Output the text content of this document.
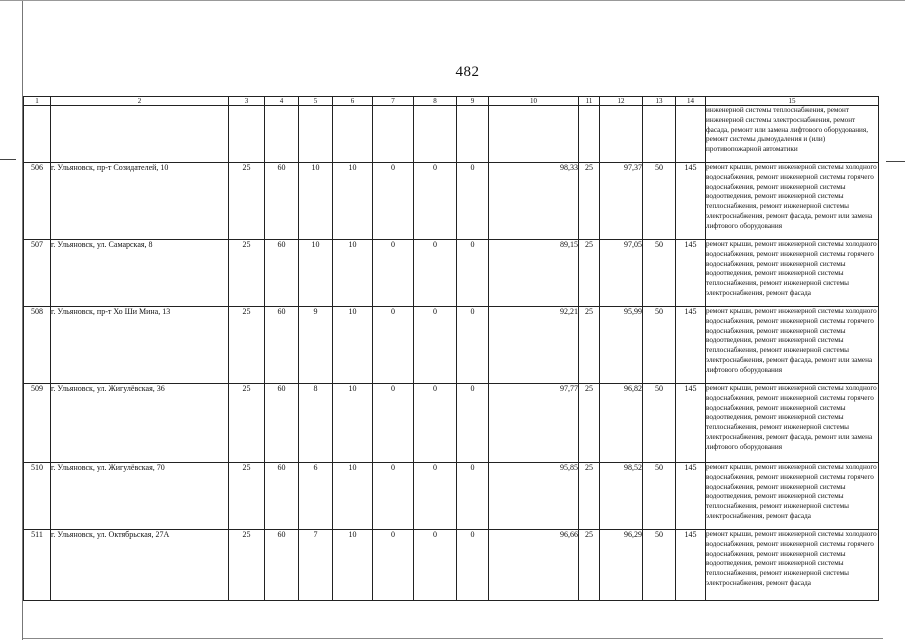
482
1	2	3	4	5	6	7	8	9	10	11	12	13	14	15
														инженерной системы теплоснабжения, ремонт инженерной системы электроснабжения, ремонт фасада, ремонт или замена лифтового оборудования, ремонт системы дымоудаления и (или) противопожарной автоматики
506	г. Ульяновск, пр-т Созидателей, 10	25	60	10	10	0	0	0	98,33	25	97,37	50	145	ремонт крыши, ремонт инженерной системы холодного водоснабжения, ремонт инженерной системы горячего водоснабжения, ремонт инженерной системы водоотведения, ремонт инженерной системы теплоснабжения, ремонт инженерной системы электроснабжения, ремонт фасада, ремонт или замена лифтового оборудования
507	г. Ульяновск, ул. Самарская, 8	25	60	10	10	0	0	0	89,15	25	97,05	50	145	ремонт крыши, ремонт инженерной системы холодного водоснабжения, ремонт инженерной системы горячего водоснабжения, ремонт инженерной системы водоотведения, ремонт инженерной системы теплоснабжения, ремонт инженерной системы электроснабжения, ремонт фасада
508	г. Ульяновск, пр-т Хо Ши Мина, 13	25	60	9	10	0	0	0	92,21	25	95,99	50	145	ремонт крыши, ремонт инженерной системы холодного водоснабжения, ремонт инженерной системы горячего водоснабжения, ремонт инженерной системы водоотведения, ремонт инженерной системы теплоснабжения, ремонт инженерной системы электроснабжения, ремонт фасада, ремонт или замена лифтового оборудования
509	г. Ульяновск, ул. Жигулёвская, 36	25	60	8	10	0	0	0	97,77	25	96,82	50	145	ремонт крыши, ремонт инженерной системы холодного водоснабжения, ремонт инженерной системы горячего водоснабжения, ремонт инженерной системы водоотведения, ремонт инженерной системы теплоснабжения, ремонт инженерной системы электроснабжения, ремонт фасада, ремонт или замена лифтового оборудования
510	г. Ульяновск, ул. Жигулёвская, 70	25	60	6	10	0	0	0	95,85	25	98,52	50	145	ремонт крыши, ремонт инженерной системы холодного водоснабжения, ремонт инженерной системы горячего водоснабжения, ремонт инженерной системы водоотведения, ремонт инженерной системы теплоснабжения, ремонт инженерной системы электроснабжения, ремонт фасада
511	г. Ульяновск, ул. Октябрьская, 27А	25	60	7	10	0	0	0	96,66	25	96,29	50	145	ремонт крыши, ремонт инженерной системы холодного водоснабжения, ремонт инженерной системы горячего водоснабжения, ремонт инженерной системы водоотведения, ремонт инженерной системы теплоснабжения, ремонт инженерной системы электроснабжения, ремонт фасада
